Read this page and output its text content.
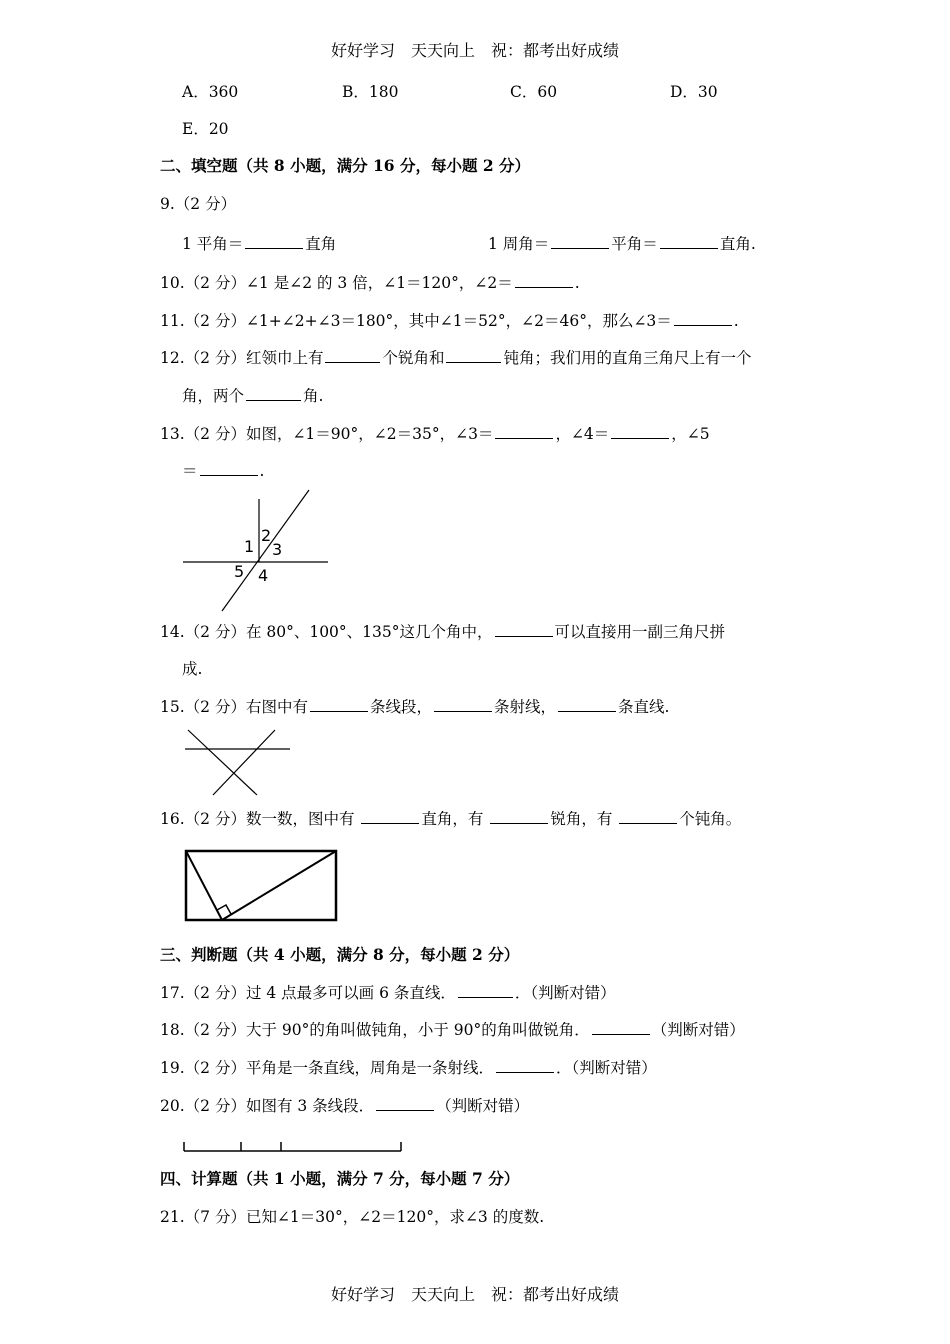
好好学习　天天向上　祝：都考出好成绩
A．360	B．180	C．60	D．30
E．20
二、填空题（共 8 小题，满分 16 分，每小题 2 分）
9.（2 分）
1 平角＝	直角	1 周角＝	平角＝	直角.
10.（2 分）∠1 是∠2 的 3 倍，∠1＝120°，∠2＝	.
11.（2 分）∠1+∠2+∠3＝180°，其中∠1＝52°，∠2＝46°，那么∠3＝	.
12.（2 分）红领巾上有	个锐角和	钝角；我们用的直角三角尺上有一个
角，两个	角.
13.（2 分）如图，∠1＝90°，∠2＝35°，∠3＝	，∠4＝	，∠5
＝	.
1
2
3
4
5
14.（2 分）在 80°、100°、135°这几个角中，	可以直接用一副三角尺拼
成.
15.（2 分）右图中有	条线段，	条射线，	条直线.
16.（2 分）数一数，图中有	直角，有	锐角，有	个钝角。
三、判断题（共 4 小题，满分 8 分，每小题 2 分）
17.（2 分）过 4 点最多可以画 6 条直线．	．（判断对错）
18.（2 分）大于 90°的角叫做钝角，小于 90°的角叫做锐角．	（判断对错）
19.（2 分）平角是一条直线，周角是一条射线．	．（判断对错）
20.（2 分）如图有 3 条线段．	（判断对错）
四、计算题（共 1 小题，满分 7 分，每小题 7 分）
21.（7 分）已知∠1＝30°，∠2＝120°，求∠3 的度数.
好好学习　天天向上　祝：都考出好成绩
